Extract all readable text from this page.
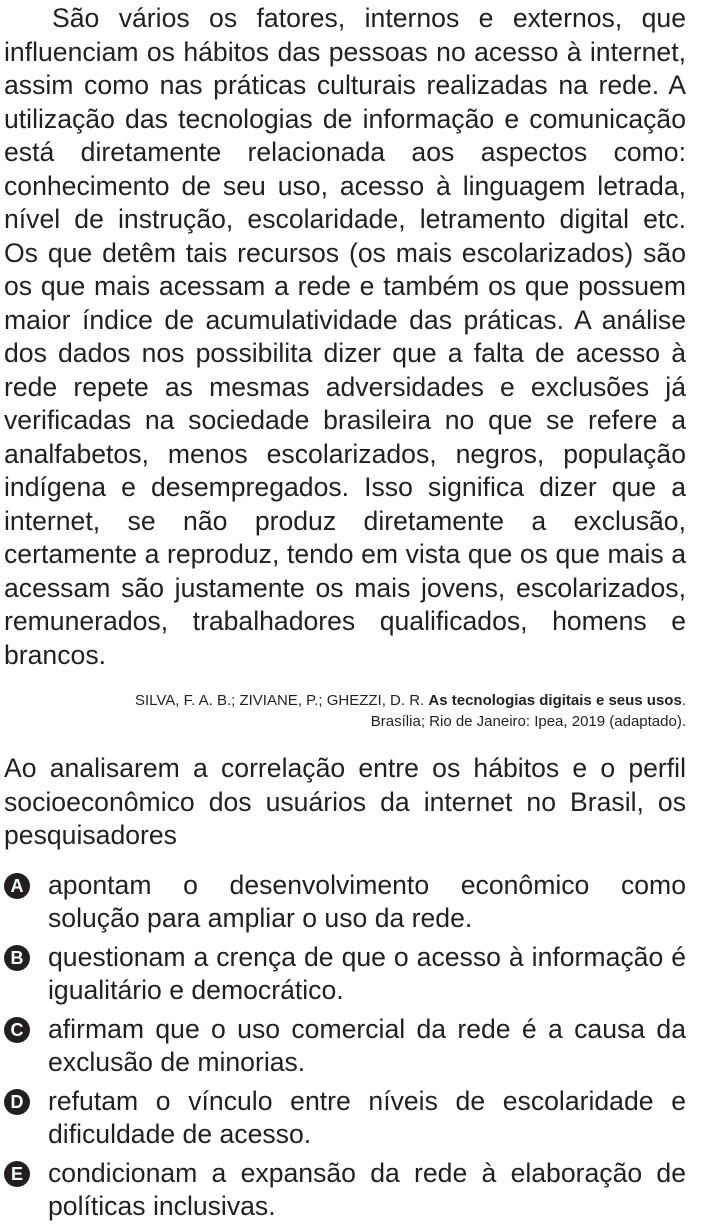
São vários os fatores, internos e externos, que influenciam os hábitos das pessoas no acesso à internet, assim como nas práticas culturais realizadas na rede. A utilização das tecnologias de informação e comunicação está diretamente relacionada aos aspectos como: conhecimento de seu uso, acesso à linguagem letrada, nível de instrução, escolaridade, letramento digital etc. Os que detêm tais recursos (os mais escolarizados) são os que mais acessam a rede e também os que possuem maior índice de acumulatividade das práticas. A análise dos dados nos possibilita dizer que a falta de acesso à rede repete as mesmas adversidades e exclusões já verificadas na sociedade brasileira no que se refere a analfabetos, menos escolarizados, negros, população indígena e desempregados. Isso significa dizer que a internet, se não produz diretamente a exclusão, certamente a reproduz, tendo em vista que os que mais a acessam são justamente os mais jovens, escolarizados, remunerados, trabalhadores qualificados, homens e brancos.

SILVA, F. A. B.; ZIVIANE, P.; GHEZZI, D. R. As tecnologias digitais e seus usos.
Brasília; Rio de Janeiro: Ipea, 2019 (adaptado).
Ao analisarem a correlação entre os hábitos e o perfil socioeconômico dos usuários da internet no Brasil, os pesquisadores
A apontam o desenvolvimento econômico como solução para ampliar o uso da rede.
B questionam a crença de que o acesso à informação é igualitário e democrático.
C afirmam que o uso comercial da rede é a causa da exclusão de minorias.
D refutam o vínculo entre níveis de escolaridade e dificuldade de acesso.
E condicionam a expansão da rede à elaboração de políticas inclusivas.
